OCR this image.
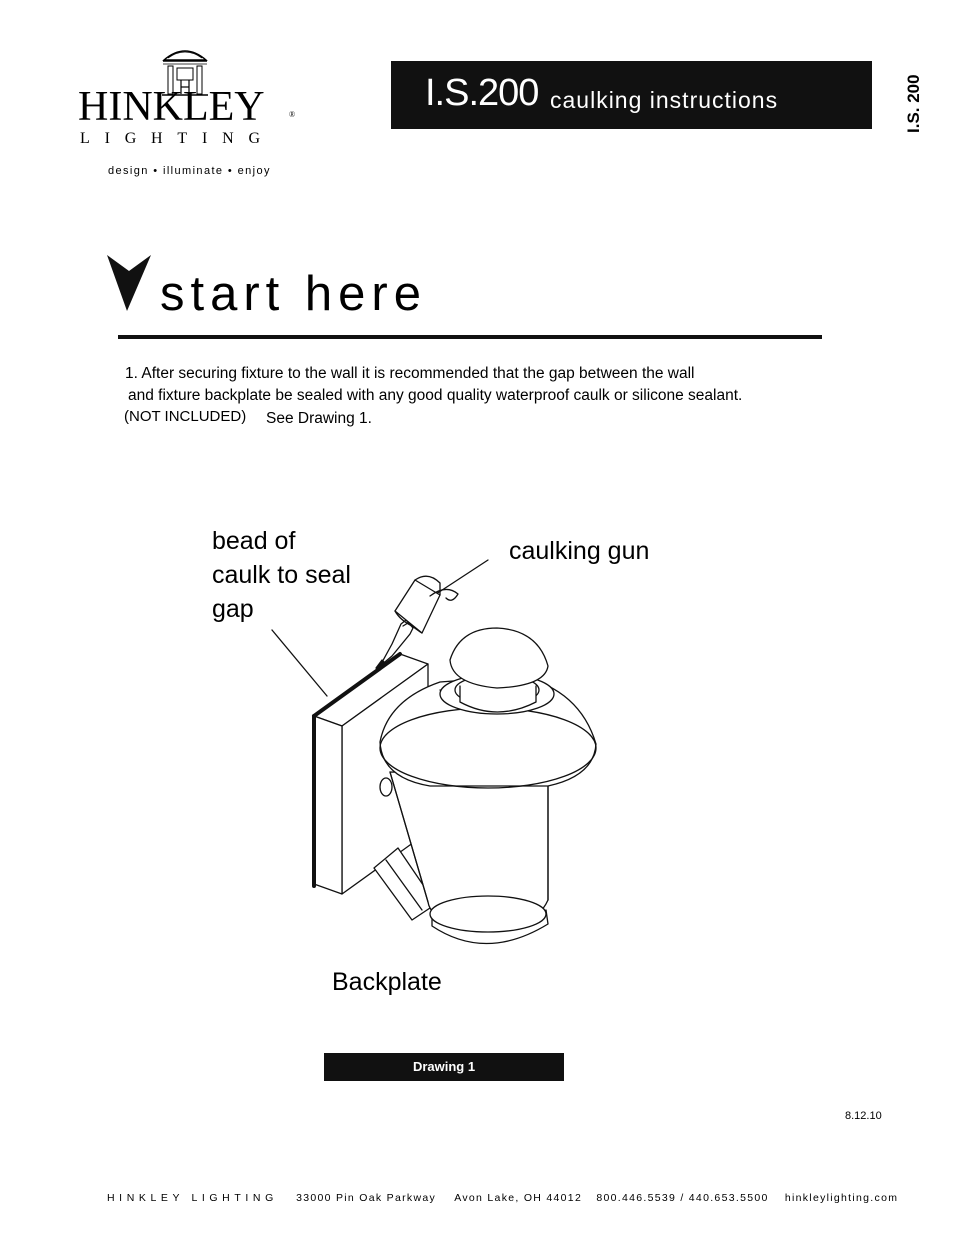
HINKLEY	®
LIGHTING
design • illuminate • enjoy
I.S.200 caulking instructions	I.S. 200
start here
1. After securing fixture to the wall it is recommended that the gap between the wall
and fixture backplate be sealed with any good quality waterproof caulk or silicone sealant.
(NOT INCLUDED) See Drawing 1.
bead of caulk to seal gap
caulking gun
Backplate
Drawing 1
8.12.10
HINKLEY LIGHTING 33000 Pin Oak Parkway Avon Lake, OH 44012 800.446.5539 / 440.653.5500 hinkleylighting.com
